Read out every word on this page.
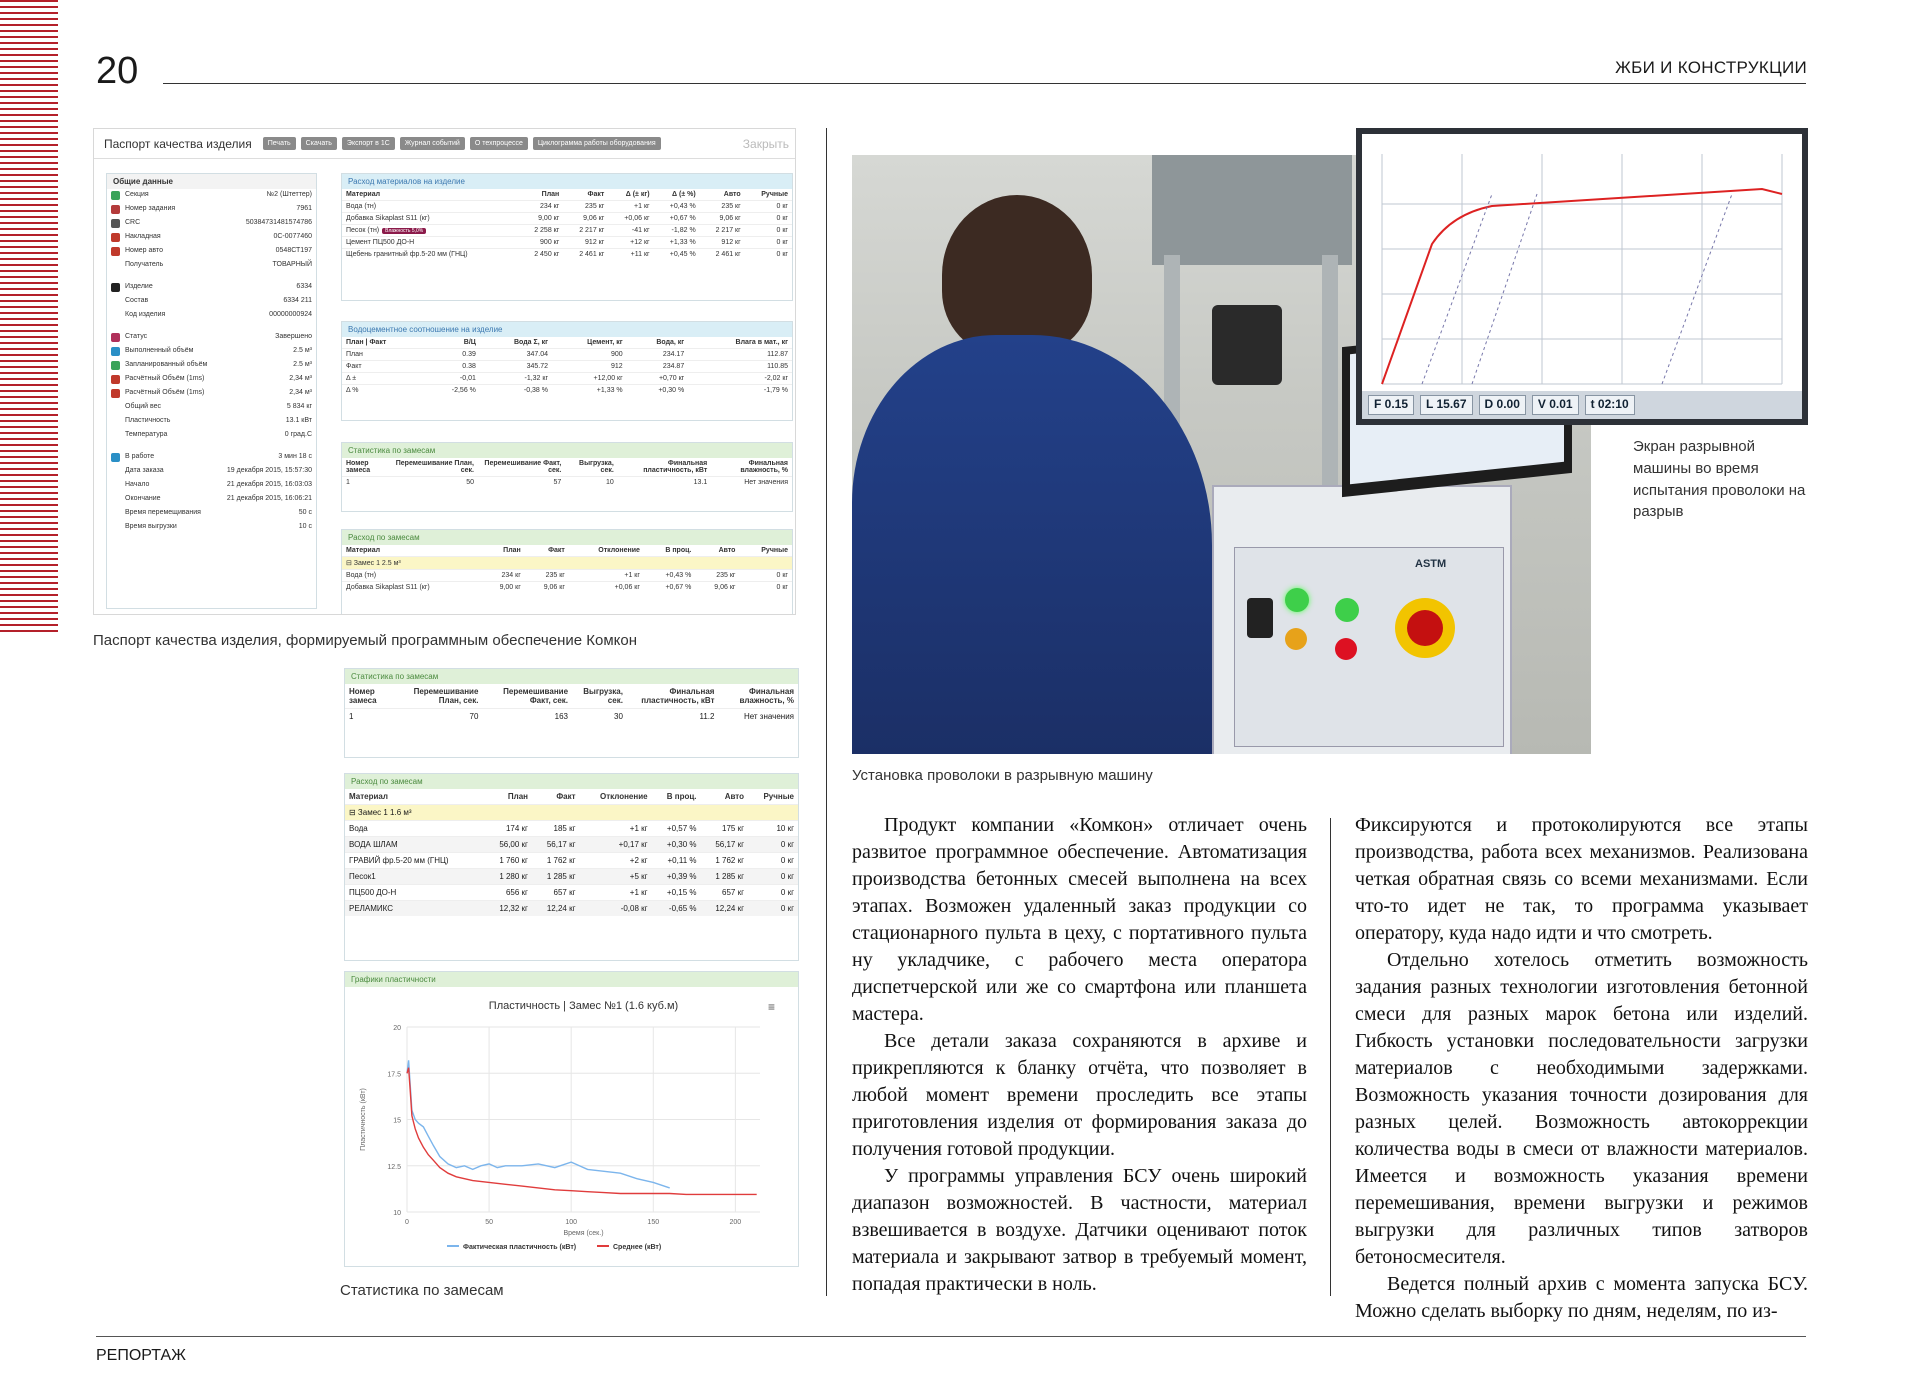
20	ЖБИ И КОНСТРУКЦИИ
РЕПОРТАЖ
Паспорт качества изделия	Печать	Скачать	Экспорт в 1С	Журнал событий	О техпроцессе	Циклограмма работы оборудования	Закрыть
Общие данные
Секция	№2 (Штеттер)
Номер задания	7961
СRC	50384731481574786
Накладная	0С-0077460
Номер авто	0548СТ197
Получатель	ТОВАРНЫЙ
Изделие	6334
Состав	6334 211
Код изделия	00000000924
Статус	Завершено
Выполненный объём	2.5 м³
Запланированный объём	2.5 м³
Расчётный Объём (1ms)	2,34 м³
Расчётный Объём (1ms)	2,34 м³
Общий вес	5 834 кг
Пластичность	13.1 кВт
Температура	0 град.С
В работе	3 мин 18 с
Дата заказа	19 декабря 2015, 15:57:30
Начало	21 декабря 2015, 16:03:03
Окончание	21 декабря 2015, 16:06:21
Время перемещивания	50 с
Время выгрузки	10 с
Расход материалов на изделие
Материал	План	Факт	Δ (± кг)	Δ (± %)	Авто	Ручные
Вода (тн)	234 кг	235 кг	+1 кг	+0,43 %	235 кг	0 кг
Добавка Sikaplast S11 (кг)	9,00 кг	9,06 кг	+0,06 кг	+0,67 %	9,06 кг	0 кг
Песок (тн) Влажность 5,0%	2 258 кг	2 217 кг	-41 кг	-1,82 %	2 217 кг	0 кг
Цемент ПЦ500 ДО-Н	900 кг	912 кг	+12 кг	+1,33 %	912 кг	0 кг
Щебень гранитный фр.5-20 мм (ГНЦ)	2 450 кг	2 461 кг	+11 кг	+0,45 %	2 461 кг	0 кг
Водоцементное соотношение на изделие
План | Факт	В/Ц	Вода Σ, кг	Цемент, кг	Вода, кг	Влага в мат., кг
План	0.39	347.04	900	234.17	112.87
Факт	0.38	345.72	912	234.87	110.85
Δ ±	-0,01	-1,32 кг	+12,00 кг	+0,70 кг	-2,02 кг
Δ %	-2,56 %	-0,38 %	+1,33 %	+0,30 %	-1,79 %
Статистика по замесам
Номер замеса	Перемешивание План, сек.	Перемешивание Факт, сек.	Выгрузка, сек.	Финальная пластичность, кВт	Финальная влажность, %
1	50	57	10	13.1	Нет значения
Расход по замесам
Материал	План	Факт	Отклонение	В проц.	Авто	Ручные
⊟ Замес 1 2.5 м³						
Вода (тн)	234 кг	235 кг	+1 кг	+0,43 %	235 кг	0 кг
Добавка Sikaplast S11 (кг)	9,00 кг	9,06 кг	+0,06 кг	+0,67 %	9,06 кг	0 кг
Паспорт качества изделия, формируемый программным обеспечение Комкон
Статистика по замесам
Номер замеса	Перемешивание План, сек.	Перемешивание Факт, сек.	Выгрузка, сек.	Финальная пластичность, кВт	Финальная влажность, %
1	70	163	30	11.2	Нет значения
Расход по замесам
Материал	План	Факт	Отклонение	В проц.	Авто	Ручные
⊟ Замес 1 1.6 м³						
Вода	174 кг	185 кг	+1 кг	+0,57 %	175 кг	10 кг
ВОДА ШЛАМ	56,00 кг	56,17 кг	+0,17 кг	+0,30 %	56,17 кг	0 кг
ГРАВИЙ фр.5-20 мм (ГНЦ)	1 760 кг	1 762 кг	+2 кг	+0,11 %	1 762 кг	0 кг
Песок1	1 280 кг	1 285 кг	+5 кг	+0,39 %	1 285 кг	0 кг
ПЦ500 ДО-Н	656 кг	657 кг	+1 кг	+0,15 %	657 кг	0 кг
РЕЛАМИКС	12,32 кг	12,24 кг	-0,08 кг	-0,65 %	12,24 кг	0 кг
Графики пластичности
Пластичность | Замес №1 (1.6 куб.м)	≡
10
12.5
15
17.5
20
0	50	100	150	200
Пластичность (кВт)
Время (сек.)
Фактическая пластичность (кВт)	Среднее (кВт)
Статистика по замесам
ASTM
Установка проволоки в разрывную машину
F 0.15	L 15.67	D 0.00	V 0.01	t 02:10
Экран разрывной машины во время испытания проволоки на разрыв

Продукт компании «Комкон» отличает очень развитое программное обеспечение. Автоматизация производства бетонных смесей выполнена на всех этапах. Возможен удаленный заказ продукции со стационарного пульта в цеху, с портативного пульта ну укладчике, с рабочего места оператора диспетчерской или же со смартфона или планшета мастера.

Все детали заказа сохраняются в архиве и прикрепляются к бланку отчёта, что позволяет в любой момент времени проследить все этапы приготовления изделия от формирования заказа до получения готовой продукции.

У программы управления БСУ очень широкий диапазон возможностей. В частности, материал взвешивается в воздухе. Датчики оценивают поток материала и закрывают затвор в требуемый момент, попадая практически в ноль.

Фиксируются и протоколируются все этапы производства, работа всех механизмов. Реализована четкая обратная связь со всеми механизмами. Если что-то идет не так, то программа указывает оператору, куда надо идти и что смотреть.

Отдельно хотелось отметить возможность задания разных технологии изготовления бетонной смеси для разных марок бетона или изделий. Гибкость установки последовательности загрузки материалов с необходимыми задержками. Возможность указания точности дозирования для разных целей. Возможность автокоррекции количества воды в смеси от влажности материалов. Имеется и возможность указания времени перемешивания, времени выгрузки и режимов выгрузки для различных типов затворов бетоносмесителя.

Ведется полный архив с момента запуска БСУ. Можно сделать выборку по дням, неделям, по из-
